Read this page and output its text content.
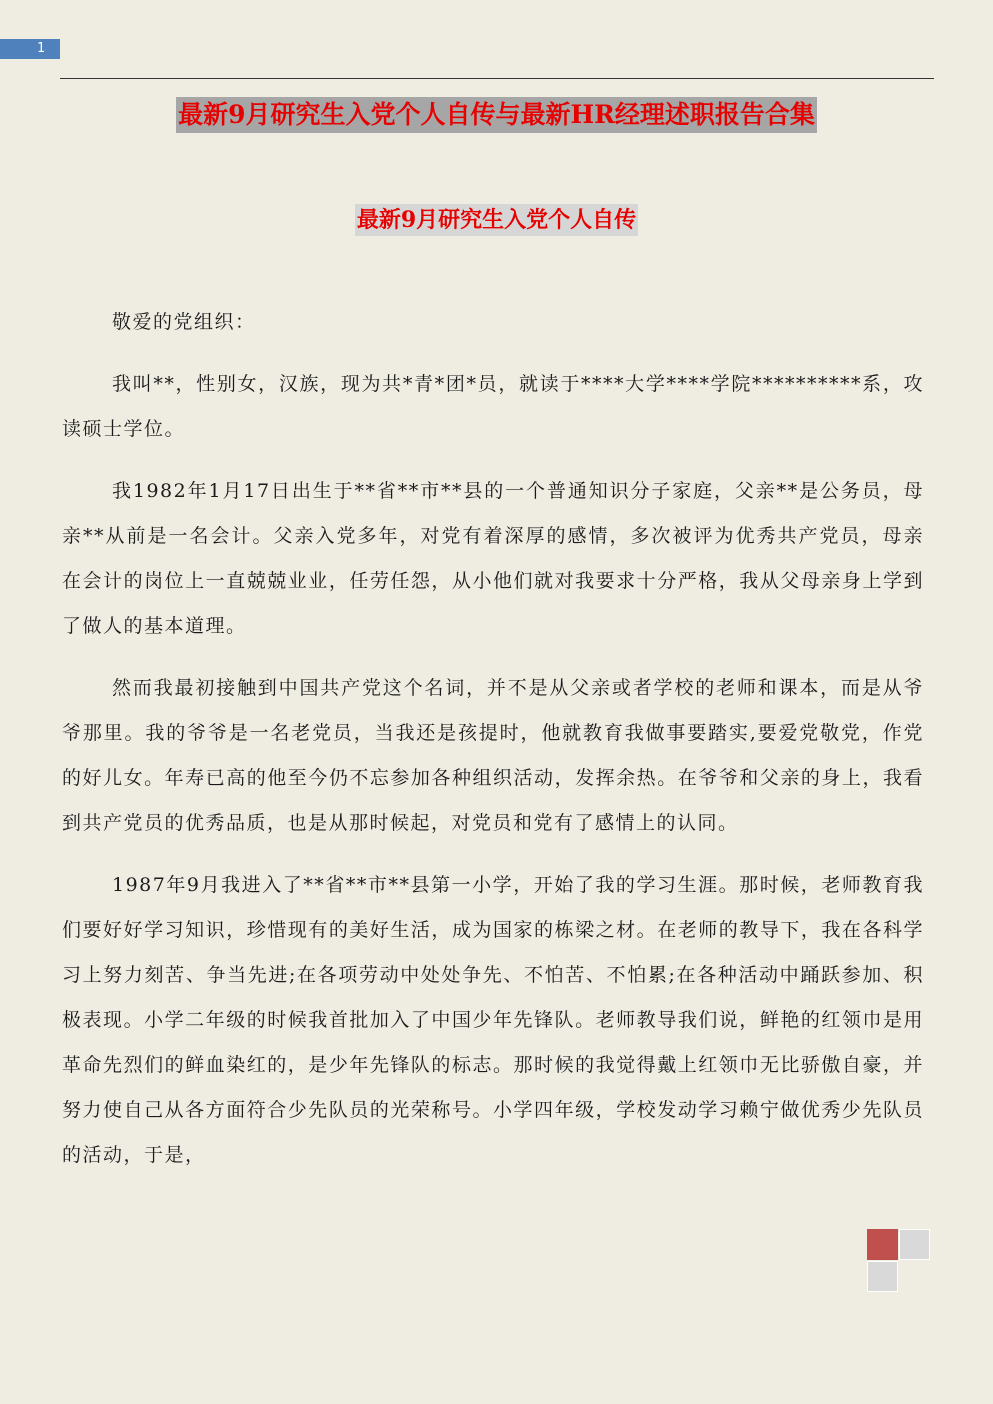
1
最新9月研究生入党个人自传与最新HR经理述职报告合集
最新9月研究生入党个人自传

敬爱的党组织：

我叫**，性别女，汉族，现为共*青*团*员，就读于****大学****学院**********系，攻读硕士学位。

我1982年1月17日出生于**省**市**县的一个普通知识分子家庭，父亲**是公务员，母亲**从前是一名会计。父亲入党多年，对党有着深厚的感情，多次被评为优秀共产党员，母亲在会计的岗位上一直兢兢业业，任劳任怨，从小他们就对我要求十分严格，我从父母亲身上学到了做人的基本道理。

然而我最初接触到中国共产党这个名词，并不是从父亲或者学校的老师和课本，而是从爷爷那里。我的爷爷是一名老党员，当我还是孩提时，他就教育我做事要踏实,要爱党敬党，作党的好儿女。年寿已高的他至今仍不忘参加各种组织活动，发挥余热。在爷爷和父亲的身上，我看到共产党员的优秀品质，也是从那时候起，对党员和党有了感情上的认同。

1987年9月我进入了**省**市**县第一小学，开始了我的学习生涯。那时候，老师教育我们要好好学习知识，珍惜现有的美好生活，成为国家的栋梁之材。在老师的教导下，我在各科学习上努力刻苦、争当先进;在各项劳动中处处争先、不怕苦、不怕累;在各种活动中踊跃参加、积极表现。小学二年级的时候我首批加入了中国少年先锋队。老师教导我们说，鲜艳的红领巾是用革命先烈们的鲜血染红的，是少年先锋队的标志。那时候的我觉得戴上红领巾无比骄傲自豪，并努力使自己从各方面符合少先队员的光荣称号。小学四年级，学校发动学习赖宁做优秀少先队员的活动，于是，
